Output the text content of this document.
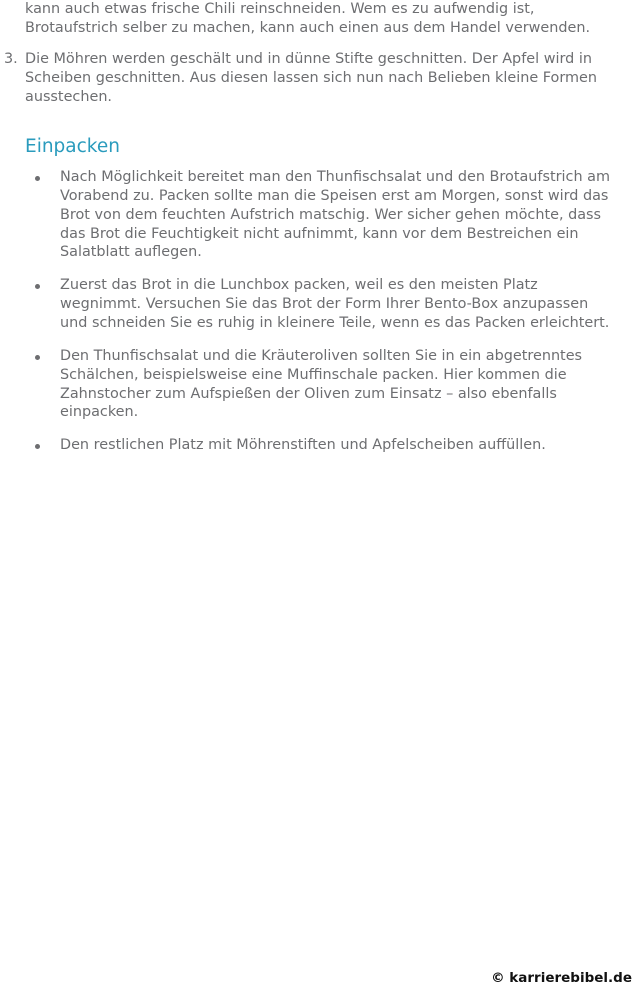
kann auch etwas frische Chili reinschneiden. Wem es zu aufwendig ist,
Brotaufstrich selber zu machen, kann auch einen aus dem Handel verwenden.
3. Die Möhren werden geschält und in dünne Stifte geschnitten. Der Apfel wird in
Scheiben geschnitten. Aus diesen lassen sich nun nach Belieben kleine Formen
ausstechen.
Einpacken
Nach Möglichkeit bereitet man den Thunfischsalat und den Brotaufstrich am
Vorabend zu. Packen sollte man die Speisen erst am Morgen, sonst wird das
Brot von dem feuchten Aufstrich matschig. Wer sicher gehen möchte, dass
das Brot die Feuchtigkeit nicht aufnimmt, kann vor dem Bestreichen ein
Salatblatt auflegen.
Zuerst das Brot in die Lunchbox packen, weil es den meisten Platz
wegnimmt. Versuchen Sie das Brot der Form Ihrer Bento-Box anzupassen
und schneiden Sie es ruhig in kleinere Teile, wenn es das Packen erleichtert.
Den Thunfischsalat und die Kräuteroliven sollten Sie in ein abgetrenntes
Schälchen, beispielsweise eine Muffinschale packen. Hier kommen die
Zahnstocher zum Aufspießen der Oliven zum Einsatz – also ebenfalls
einpacken.
Den restlichen Platz mit Möhrenstiften und Apfelscheiben auffüllen.
© karrierebibel.de
